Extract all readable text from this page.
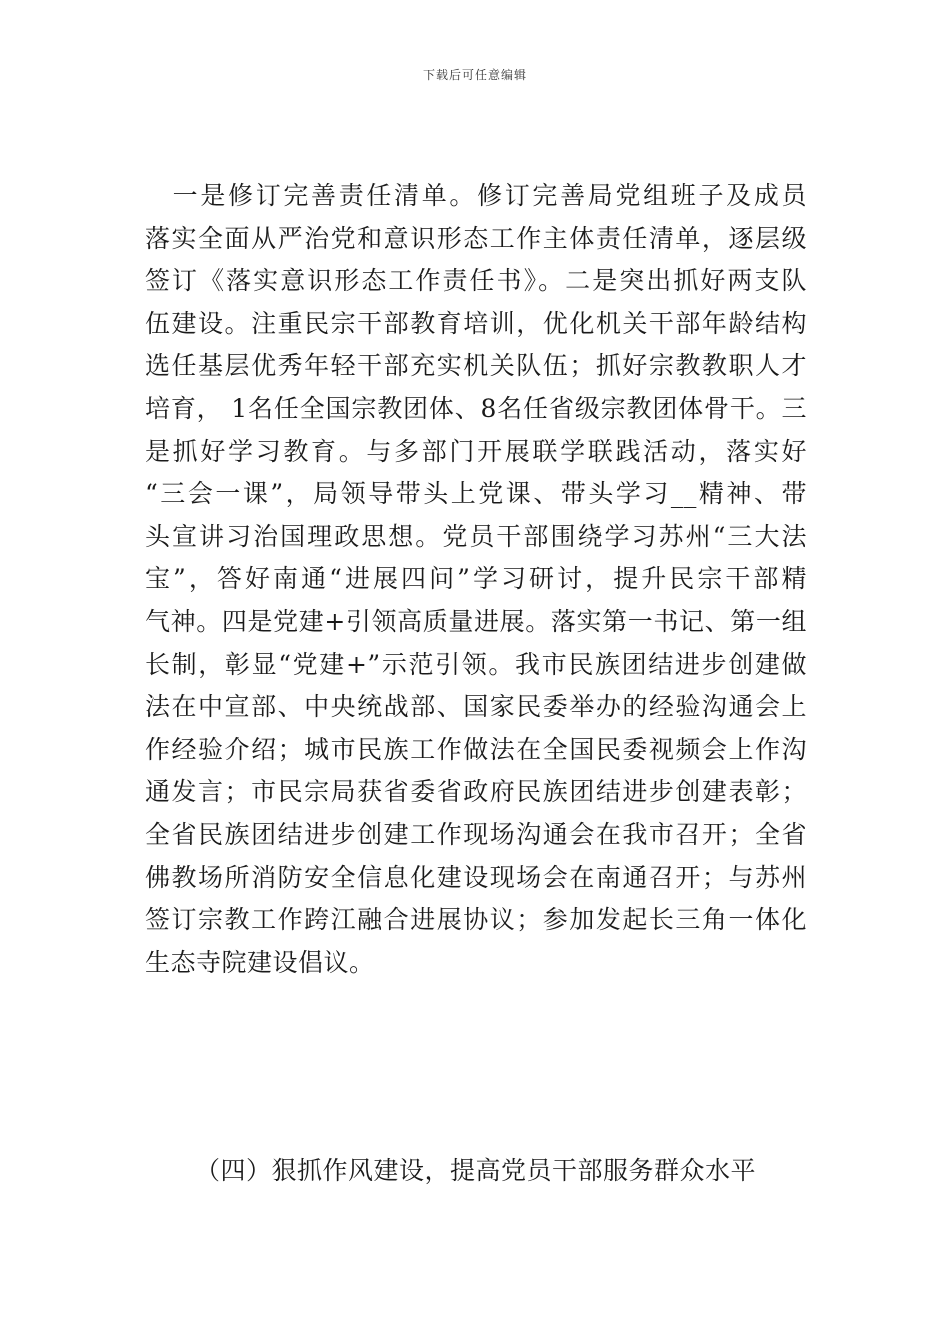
下载后可任意编辑
　一是修订完善责任清单。修订完善局党组班子及成员
落实全面从严治党和意识形态工作主体责任清单，逐层级
签订《落实意识形态工作责任书》。二是突出抓好两支队
伍建设。注重民宗干部教育培训，优化机关干部年龄结构
选任基层优秀年轻干部充实机关队伍；抓好宗教教职人才
培育， 1名任全国宗教团体、8名任省级宗教团体骨干。三
是抓好学习教育。与多部门开展联学联践活动，落实好
“三会一课”，局领导带头上党课、带头学习__精神、带
头宣讲习治国理政思想。党员干部围绕学习苏州“三大法
宝”，答好南通“进展四问”学习研讨，提升民宗干部精
气神。四是党建+引领高质量进展。落实第一书记、第一组
长制，彰显“党建+”示范引领。我市民族团结进步创建做
法在中宣部、中央统战部、国家民委举办的经验沟通会上
作经验介绍；城市民族工作做法在全国民委视频会上作沟
通发言；市民宗局获省委省政府民族团结进步创建表彰；
全省民族团结进步创建工作现场沟通会在我市召开；全省
佛教场所消防安全信息化建设现场会在南通召开；与苏州
签订宗教工作跨江融合进展协议；参加发起长三角一体化
生态寺院建设倡议。
（四）狠抓作风建设，提高党员干部服务群众水平
